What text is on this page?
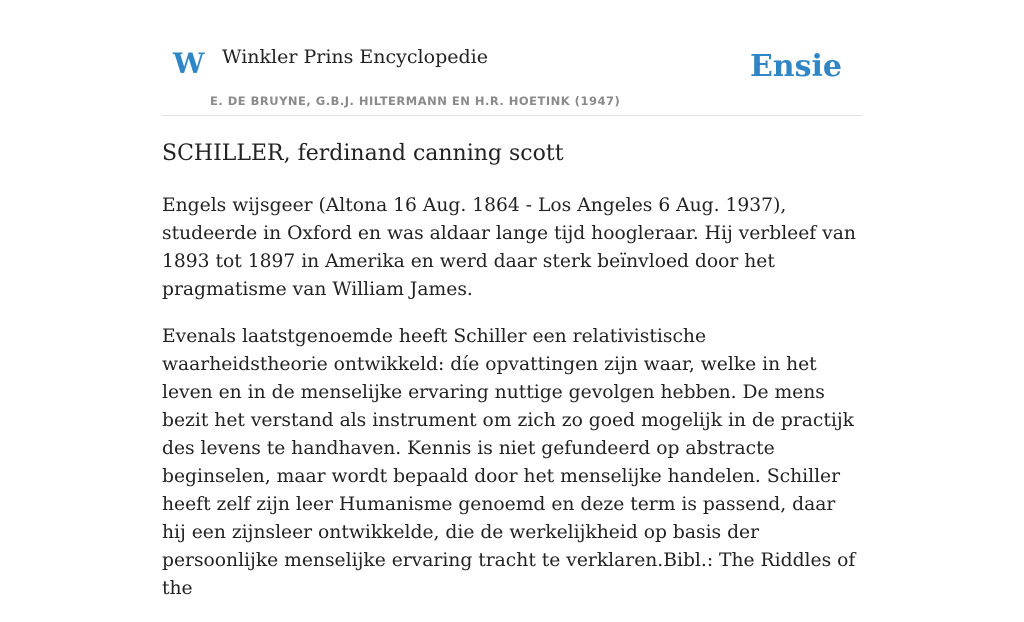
W Winkler Prins Encyclopedie
E. DE BRUYNE, G.B.J. HILTERMANN EN H.R. HOETINK (1947)
Ensie
SCHILLER, ferdinand canning scott

Engels wijsgeer (Altona 16 Aug. 1864 - Los Angeles 6 Aug. 1937), studeerde in Oxford en was aldaar lange tijd hoogleraar. Hij verbleef van 1893 tot 1897 in Amerika en werd daar sterk beïnvloed door het pragmatisme van William James.

Evenals laatstgenoemde heeft Schiller een relativistische waarheidstheorie ontwikkeld: díe opvattingen zijn waar, welke in het leven en in de menselijke ervaring nuttige gevolgen hebben. De mens bezit het verstand als instrument om zich zo goed mogelijk in de practijk des levens te handhaven. Kennis is niet gefundeerd op abstracte beginselen, maar wordt bepaald door het menselijke handelen. Schiller heeft zelf zijn leer Humanisme genoemd en deze term is passend, daar hij een zijnsleer ontwikkelde, die de werkelijkheid op basis der persoonlijke menselijke ervaring tracht te verklaren.Bibl.: The Riddles of the
